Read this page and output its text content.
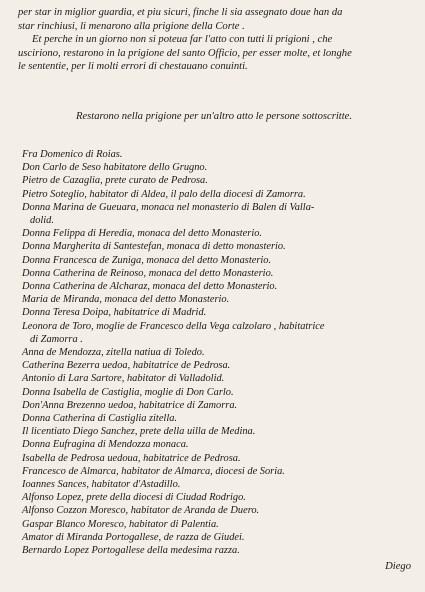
per star in miglior guardia, et piu sicuri, finche li sia assegnato doue han da

star rinchiusi, li menarono alla prigione della Corte .

Et perche in un giorno non si poteua far l'atto con tutti li prigioni , che

usciriono, restarono in la prigione del santo Officio, per esser molte, et longhe

le sententie, per li molti errori di chestauano conuinti.

Restarono nella prigione per un'altro atto le persone sottoscritte.
Fra Domenico di Roias.
Don Carlo de Seso habitatore dello Grugno.
Pietro de Cazaglia, prete curato de Pedrosa.
Pietro Soteglio, habitator di Aldea, il palo della diocesi di Zamorra.
Donna Marina de Gueuara, monaca nel monasterio di Balen di Valla-
dolid.
Donna Felippa di Heredia, monaca del detto Monasterio.
Donna Margherita di Santestefan, monaca di detto monasterio.
Donna Francesca de Zuniga, monaca del detto Monasterio.
Donna Catherina de Reinoso, monaca del detto Monasterio.
Donna Catherina de Alcharaz, monaca del detto Monasterio.
Maria de Miranda, monaca del detto Monasterio.
Donna Teresa Doipa, habitatrice di Madrid.
Leonora de Toro, moglie de Francesco della Vega calzolaro , habitatrice
di Zamorra .
Anna de Mendozza, zitella natiua di Toledo.
Catherina Bezerra uedoa, habitatrice de Pedrosa.
Antonio di Lara Sartore, habitator di Valladolid.
Donna Isabella de Castiglia, moglie di Don Carlo.
Don'Anna Brezenno uedoa, habitatrice di Zamorra.
Donna Catherina di Castiglia zitella.
Il licentiato Diego Sanchez, prete della uilla de Medina.
Donna Eufragina di Mendozza monaca.
Isabella de Pedrosa uedoua, habitatrice de Pedrosa.
Francesco de Almarca, habitator de Almarca, diocesi de Soria.
Ioannes Sances, habitator d'Astadillo.
Alfonso Lopez, prete della diocesi di Ciudad Rodrigo.
Alfonso Cozzon Moresco, habitator de Aranda de Duero.
Gaspar Blanco Moresco, habitator di Palentia.
Amator di Miranda Portogallese, de razza de Giudei.
Bernardo Lopez Portogallese della medesima razza.
Diego
